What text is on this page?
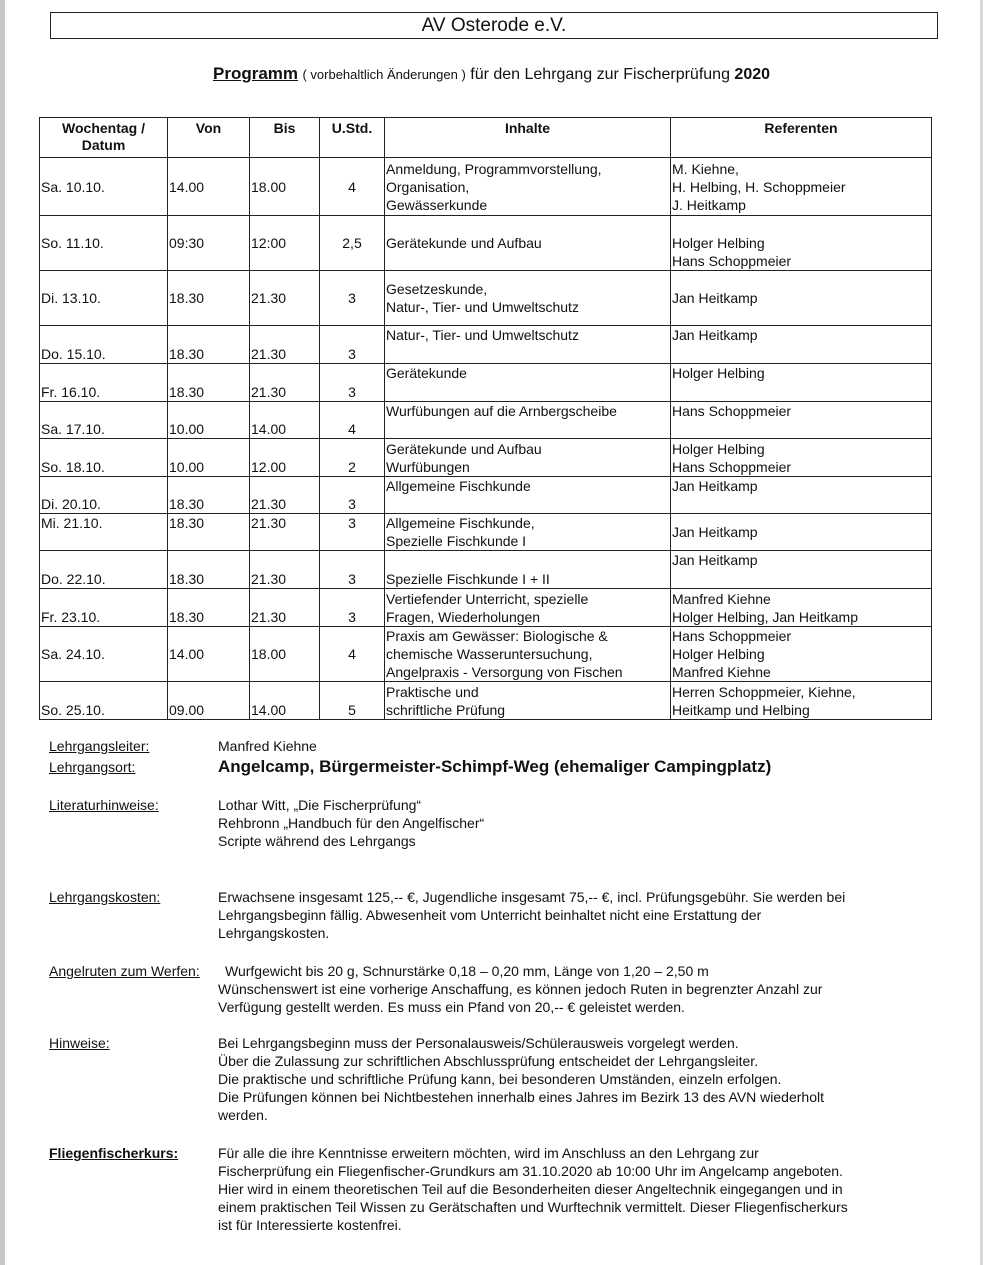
AV Osterode e.V.
Programm ( vorbehaltlich Änderungen ) für den Lehrgang zur Fischerprüfung 2020
Wochentag / Datum	Von	Bis	U.Std.	Inhalte	Referenten
Sa. 10.10.	14.00	18.00	4	Anmeldung, Programmvorstellung,
Organisation,
Gewässerkunde	M. Kiehne,
H. Helbing, H. Schoppmeier
J. Heitkamp
So. 11.10.	09:30	12:00	2,5	Gerätekunde und Aufbau	Holger Helbing
Hans Schoppmeier
Di. 13.10.	18.30	21.30	3	Gesetzeskunde,
Natur-, Tier- und Umweltschutz	Jan Heitkamp
Do. 15.10.	18.30	21.30	3	Natur-, Tier- und Umweltschutz	Jan Heitkamp
Fr. 16.10.	18.30	21.30	3	Gerätekunde	Holger Helbing
Sa. 17.10.	10.00	14.00	4	Wurfübungen auf die Arnbergscheibe	Hans Schoppmeier
So. 18.10.	10.00	12.00	2	Gerätekunde und Aufbau
Wurfübungen	Holger Helbing
Hans Schoppmeier
Di. 20.10.	18.30	21.30	3	Allgemeine Fischkunde	Jan Heitkamp
Mi. 21.10.	18.30	21.30	3	Allgemeine Fischkunde,
Spezielle Fischkunde I	Jan Heitkamp
Do. 22.10.	18.30	21.30	3	Spezielle Fischkunde I + II	Jan Heitkamp
Fr. 23.10.	18.30	21.30	3	Vertiefender Unterricht, spezielle
Fragen, Wiederholungen	Manfred Kiehne
Holger Helbing, Jan Heitkamp
Sa. 24.10.	14.00	18.00	4	Praxis am Gewässer: Biologische &
chemische Wasseruntersuchung,
Angelpraxis - Versorgung von Fischen	Hans Schoppmeier
Holger Helbing
Manfred Kiehne
So. 25.10.	09.00	14.00	5	Praktische und
schriftliche Prüfung	Herren Schoppmeier, Kiehne,
Heitkamp und Helbing
Lehrgangsleiter:	Manfred Kiehne
Lehrgangsort:	Angelcamp, Bürgermeister-Schimpf-Weg (ehemaliger Campingplatz)
Literaturhinweise:	Lothar Witt, „Die Fischerprüfung“
Rehbronn „Handbuch für den Angelfischer“
Scripte während des Lehrgangs
Lehrgangskosten:	Erwachsene insgesamt 125,-- €, Jugendliche insgesamt 75,-- €, incl. Prüfungsgebühr. Sie werden bei
Lehrgangsbeginn fällig. Abwesenheit vom Unterricht beinhaltet nicht eine Erstattung der
Lehrgangskosten.
Angelruten zum Werfen: Wurfgewicht bis 20 g, Schnurstärke 0,18 – 0,20 mm, Länge von 1,20 – 2,50 m
Wünschenswert ist eine vorherige Anschaffung, es können jedoch Ruten in begrenzter Anzahl zur
Verfügung gestellt werden. Es muss ein Pfand von 20,-- € geleistet werden.
Hinweise:	Bei Lehrgangsbeginn muss der Personalausweis/Schülerausweis vorgelegt werden.
Über die Zulassung zur schriftlichen Abschlussprüfung entscheidet der Lehrgangsleiter.
Die praktische und schriftliche Prüfung kann, bei besonderen Umständen, einzeln erfolgen.
Die Prüfungen können bei Nichtbestehen innerhalb eines Jahres im Bezirk 13 des AVN wiederholt
werden.
Fliegenfischerkurs:	Für alle die ihre Kenntnisse erweitern möchten, wird im Anschluss an den Lehrgang zur
Fischerprüfung ein Fliegenfischer-Grundkurs am 31.10.2020 ab 10:00 Uhr im Angelcamp angeboten.
Hier wird in einem theoretischen Teil auf die Besonderheiten dieser Angeltechnik eingegangen und in
einem praktischen Teil Wissen zu Gerätschaften und Wurftechnik vermittelt. Dieser Fliegenfischerkurs
ist für Interessierte kostenfrei.
